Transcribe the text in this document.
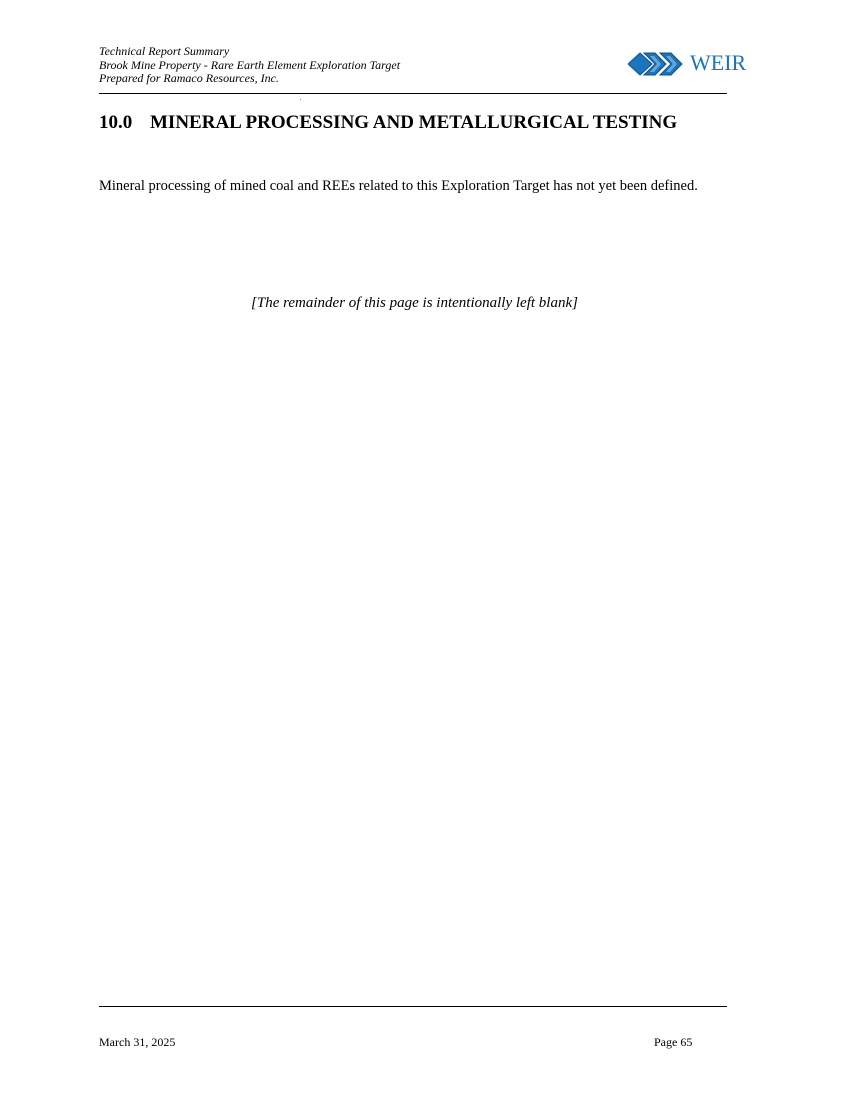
Technical Report Summary
Brook Mine Property - Rare Earth Element Exploration Target
Prepared for Ramaco Resources, Inc.
WEIR
10.0 MINERAL PROCESSING AND METALLURGICAL TESTING
Mineral processing of mined coal and REEs related to this Exploration Target has not yet been defined.
[The remainder of this page is intentionally left blank]
March 31, 2025	Page 65
